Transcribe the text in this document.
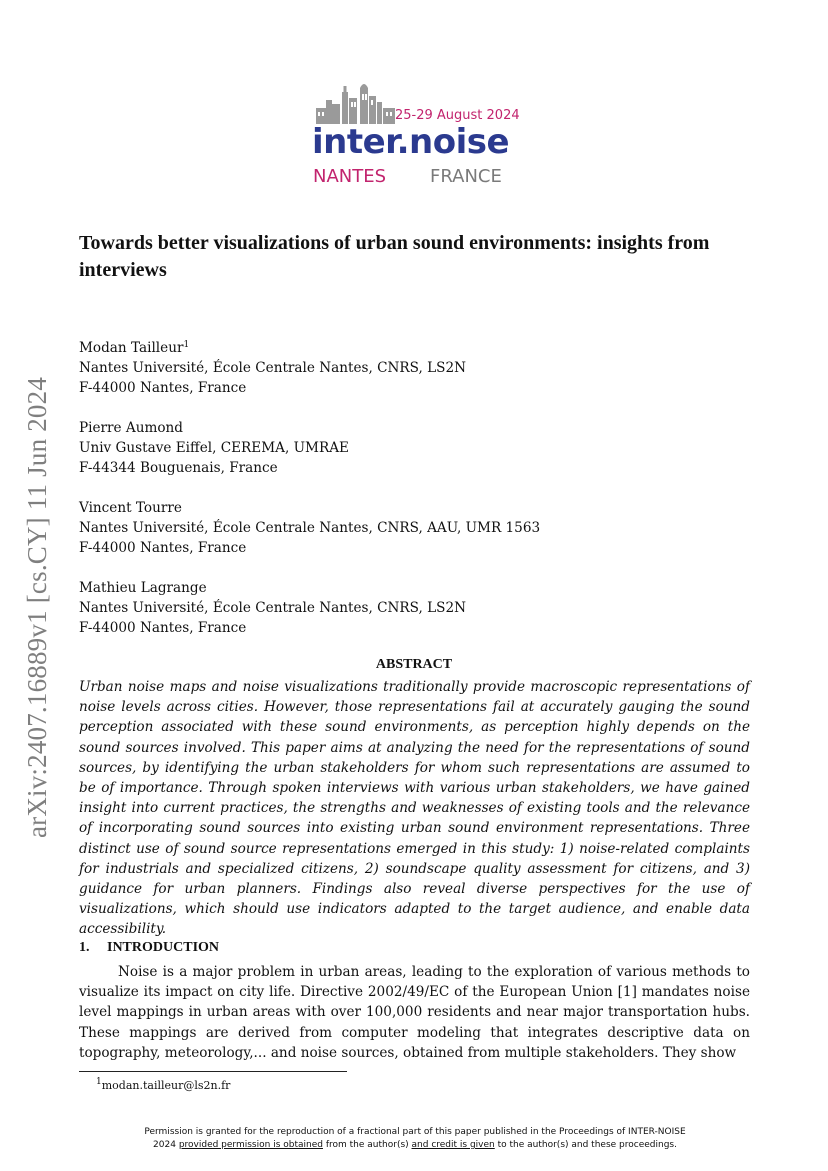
25-29 August 2024
inter.noise
NANTES FRANCE
arXiv:2407.16889v1 [cs.CY] 11 Jun 2024
Towards better visualizations of urban sound environments: insights from interviews
Modan Tailleur$^1$
Nantes Université, École Centrale Nantes, CNRS, LS2N
F-44000 Nantes, France
Pierre Aumond
Univ Gustave Eiffel, CEREMA, UMRAE
F-44344 Bouguenais, France
Vincent Tourre
Nantes Université, École Centrale Nantes, CNRS, AAU, UMR 1563
F-44000 Nantes, France
Mathieu Lagrange
Nantes Université, École Centrale Nantes, CNRS, LS2N
F-44000 Nantes, France
ABSTRACT

Urban noise maps and noise visualizations traditionally provide macroscopic representations of noise levels across cities. However, those representations fail at accurately gauging the sound perception associated with these sound environments, as perception highly depends on the sound sources involved. This paper aims at analyzing the need for the representations of sound sources, by identifying the urban stakeholders for whom such representations are assumed to be of importance. Through spoken interviews with various urban stakeholders, we have gained insight into current practices, the strengths and weaknesses of existing tools and the relevance of incorporating sound sources into existing urban sound environment representations. Three distinct use of sound source representations emerged in this study: 1) noise-related complaints for industrials and specialized citizens, 2) soundscape quality assessment for citizens, and 3) guidance for urban planners. Findings also reveal diverse perspectives for the use of visualizations, which should use indicators adapted to the target audience, and enable data accessibility.

1. INTRODUCTION

Noise is a major problem in urban areas, leading to the exploration of various methods to visualize its impact on city life. Directive 2002/49/EC of the European Union [1] mandates noise level mappings in urban areas with over 100,000 residents and near major transportation hubs. These mappings are derived from computer modeling that integrates descriptive data on topography, meteorology,... and noise sources, obtained from multiple stakeholders. They show

$^1$modan.tailleur@ls2n.fr

Permission is granted for the reproduction of a fractional part of this paper published in the Proceedings of INTER-NOISE
2024 provided permission is obtained from the author(s) and credit is given to the author(s) and these proceedings.
